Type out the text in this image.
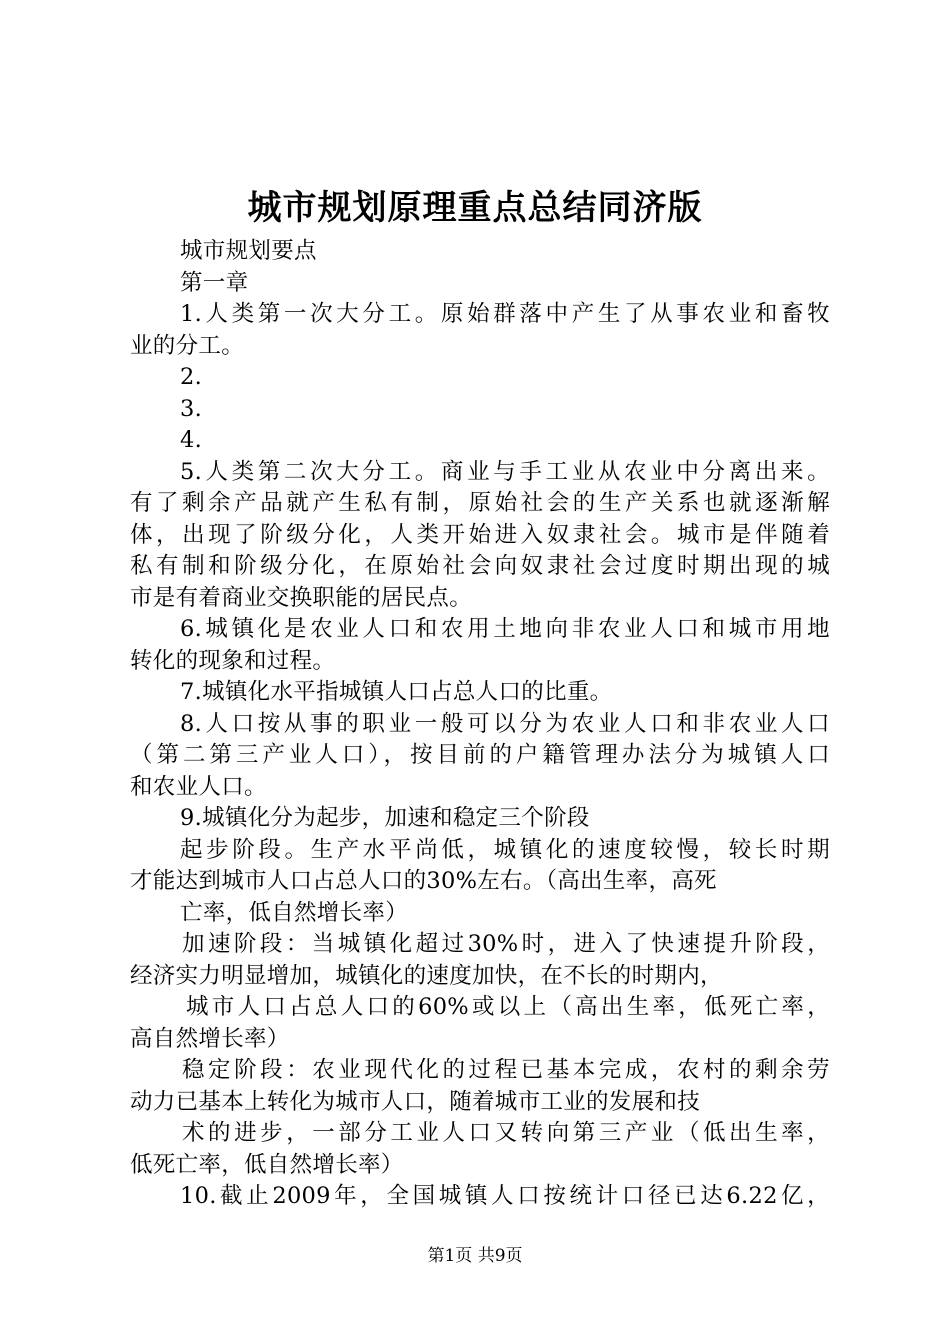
城市规划原理重点总结同济版
城市规划要点
第一章
1.人类第一次大分工。原始群落中产生了从事农业和畜牧
业的分工。
2.
3.
4.
5.人类第二次大分工。商业与手工业从农业中分离出来。
有了剩余产品就产生私有制，原始社会的生产关系也就逐渐解
体，出现了阶级分化，人类开始进入奴隶社会。城市是伴随着
私有制和阶级分化，在原始社会向奴隶社会过度时期出现的城
市是有着商业交换职能的居民点。
6.城镇化是农业人口和农用土地向非农业人口和城市用地
转化的现象和过程。
7.城镇化水平指城镇人口占总人口的比重。
8.人口按从事的职业一般可以分为农业人口和非农业人口
（第二第三产业人口），按目前的户籍管理办法分为城镇人口
和农业人口。
9.城镇化分为起步，加速和稳定三个阶段
起步阶段。生产水平尚低，城镇化的速度较慢，较长时期
才能达到城市人口占总人口的30%左右。（高出生率，高死
亡率，低自然增长率）
加速阶段：当城镇化超过30%时，进入了快速提升阶段，
经济实力明显增加，城镇化的速度加快，在不长的时期内，
城市人口占总人口的60%或以上（高出生率，低死亡率，
高自然增长率）
稳定阶段：农业现代化的过程已基本完成，农村的剩余劳
动力已基本上转化为城市人口，随着城市工业的发展和技
术的进步，一部分工业人口又转向第三产业（低出生率，
低死亡率，低自然增长率）
10.截止2009年，全国城镇人口按统计口径已达6.22亿，
第1页 共9页
